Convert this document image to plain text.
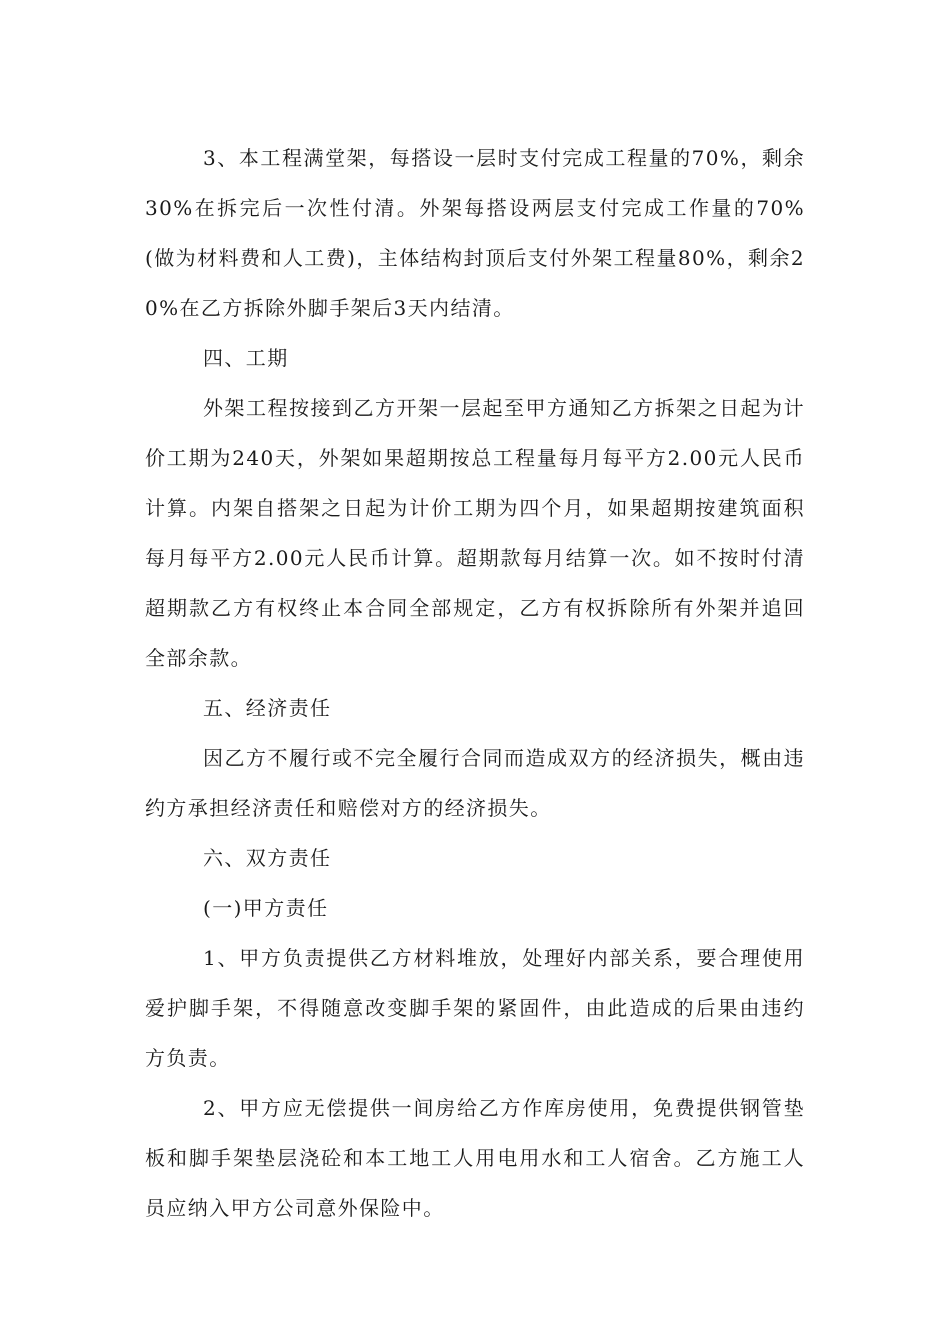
3、本工程满堂架，每搭设一层时支付完成工程量的70%，剩余30%在拆完后一次性付清。外架每搭设两层支付完成工作量的70%(做为材料费和人工费)，主体结构封顶后支付外架工程量80%，剩余20%在乙方拆除外脚手架后3天内结清。

四、工期

外架工程按接到乙方开架一层起至甲方通知乙方拆架之日起为计价工期为240天，外架如果超期按总工程量每月每平方2.00元人民币计算。内架自搭架之日起为计价工期为四个月，如果超期按建筑面积每月每平方2.00元人民币计算。超期款每月结算一次。如不按时付清超期款乙方有权终止本合同全部规定，乙方有权拆除所有外架并追回全部余款。

五、经济责任

因乙方不履行或不完全履行合同而造成双方的经济损失，概由违约方承担经济责任和赔偿对方的经济损失。

六、双方责任

(一)甲方责任

1、甲方负责提供乙方材料堆放，处理好内部关系，要合理使用爱护脚手架，不得随意改变脚手架的紧固件，由此造成的后果由违约方负责。

2、甲方应无偿提供一间房给乙方作库房使用，免费提供钢管垫板和脚手架垫层浇砼和本工地工人用电用水和工人宿舍。乙方施工人员应纳入甲方公司意外保险中。
